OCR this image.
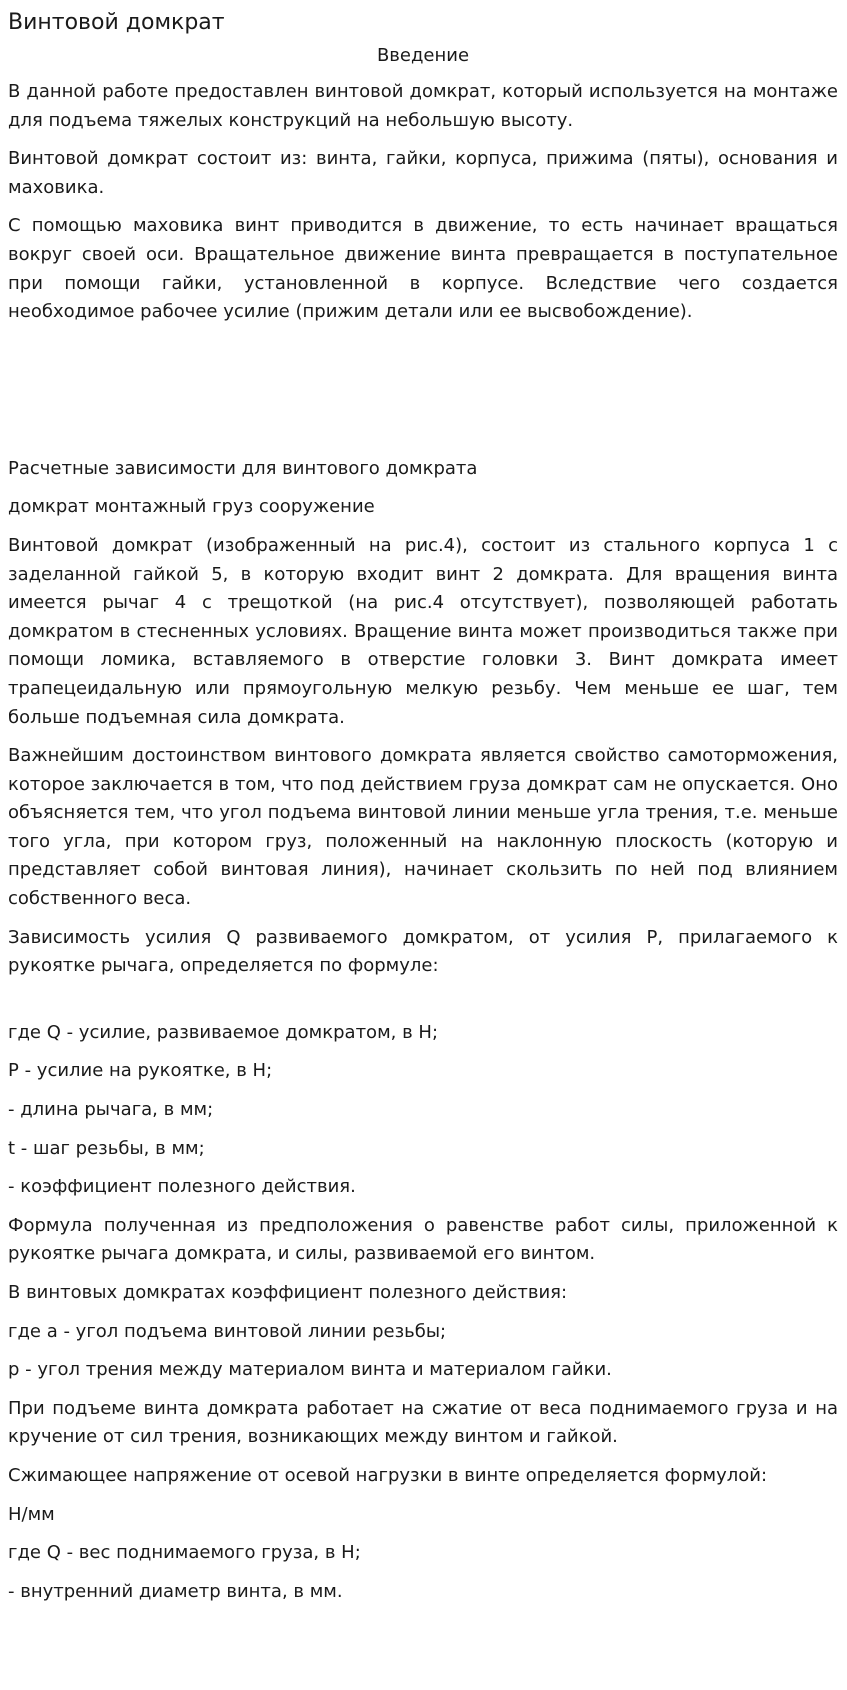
Винтовой домкрат
Введение

В данной работе предоставлен винтовой домкрат, который используется на монтаже для подъема тяжелых конструкций на небольшую высоту.

Винтовой домкрат состоит из: винта, гайки, корпуса, прижима (пяты), основания и маховика.

С помощью маховика винт приводится в движение, то есть начинает вращаться вокруг своей оси. Вращательное движение винта превращается в поступательное при помощи гайки, установленной в корпусе. Вследствие чего создается необходимое рабочее усилие (прижим детали или ее высвобождение).

Расчетные зависимости для винтового домкрата

домкрат монтажный груз сооружение

Винтовой домкрат (изображенный на рис.4), состоит из стального корпуса 1 с заделанной гайкой 5, в которую входит винт 2 домкрата. Для вращения винта имеется рычаг 4 с трещоткой (на рис.4 отсутствует), позволяющей работать домкратом в стесненных условиях. Вращение винта может производиться также при помощи ломика, вставляемого в отверстие головки 3. Винт домкрата имеет трапецеидальную или прямоугольную мелкую резьбу. Чем меньше ее шаг, тем больше подъемная сила домкрата.

Важнейшим достоинством винтового домкрата является свойство самоторможения, которое заключается в том, что под действием груза домкрат сам не опускается. Оно объясняется тем, что угол подъема винтовой линии меньше угла трения, т.е. меньше того угла, при котором груз, положенный на наклонную плоскость (которую и представляет собой винтовая линия), начинает скользить по ней под влиянием собственного веса.

Зависимость усилия Q развиваемого домкратом, от усилия P, прилагаемого к рукоятке рычага, определяется по формуле:

где Q - усилие, развиваемое домкратом, в Н;

P - усилие на рукоятке, в Н;

- длина рычага, в мм;

t - шаг резьбы, в мм;

- коэффициент полезного действия.

Формула полученная из предположения о равенстве работ силы, приложенной к рукоятке рычага домкрата, и силы, развиваемой его винтом.

В винтовых домкратах коэффициент полезного действия:

где a - угол подъема винтовой линии резьбы;

p - угол трения между материалом винта и материалом гайки.

При подъеме винта домкрата работает на сжатие от веса поднимаемого груза и на кручение от сил трения, возникающих между винтом и гайкой.

Сжимающее напряжение от осевой нагрузки в винте определяется формулой:

Н/мм

где Q - вес поднимаемого груза, в Н;

- внутренний диаметр винта, в мм.
